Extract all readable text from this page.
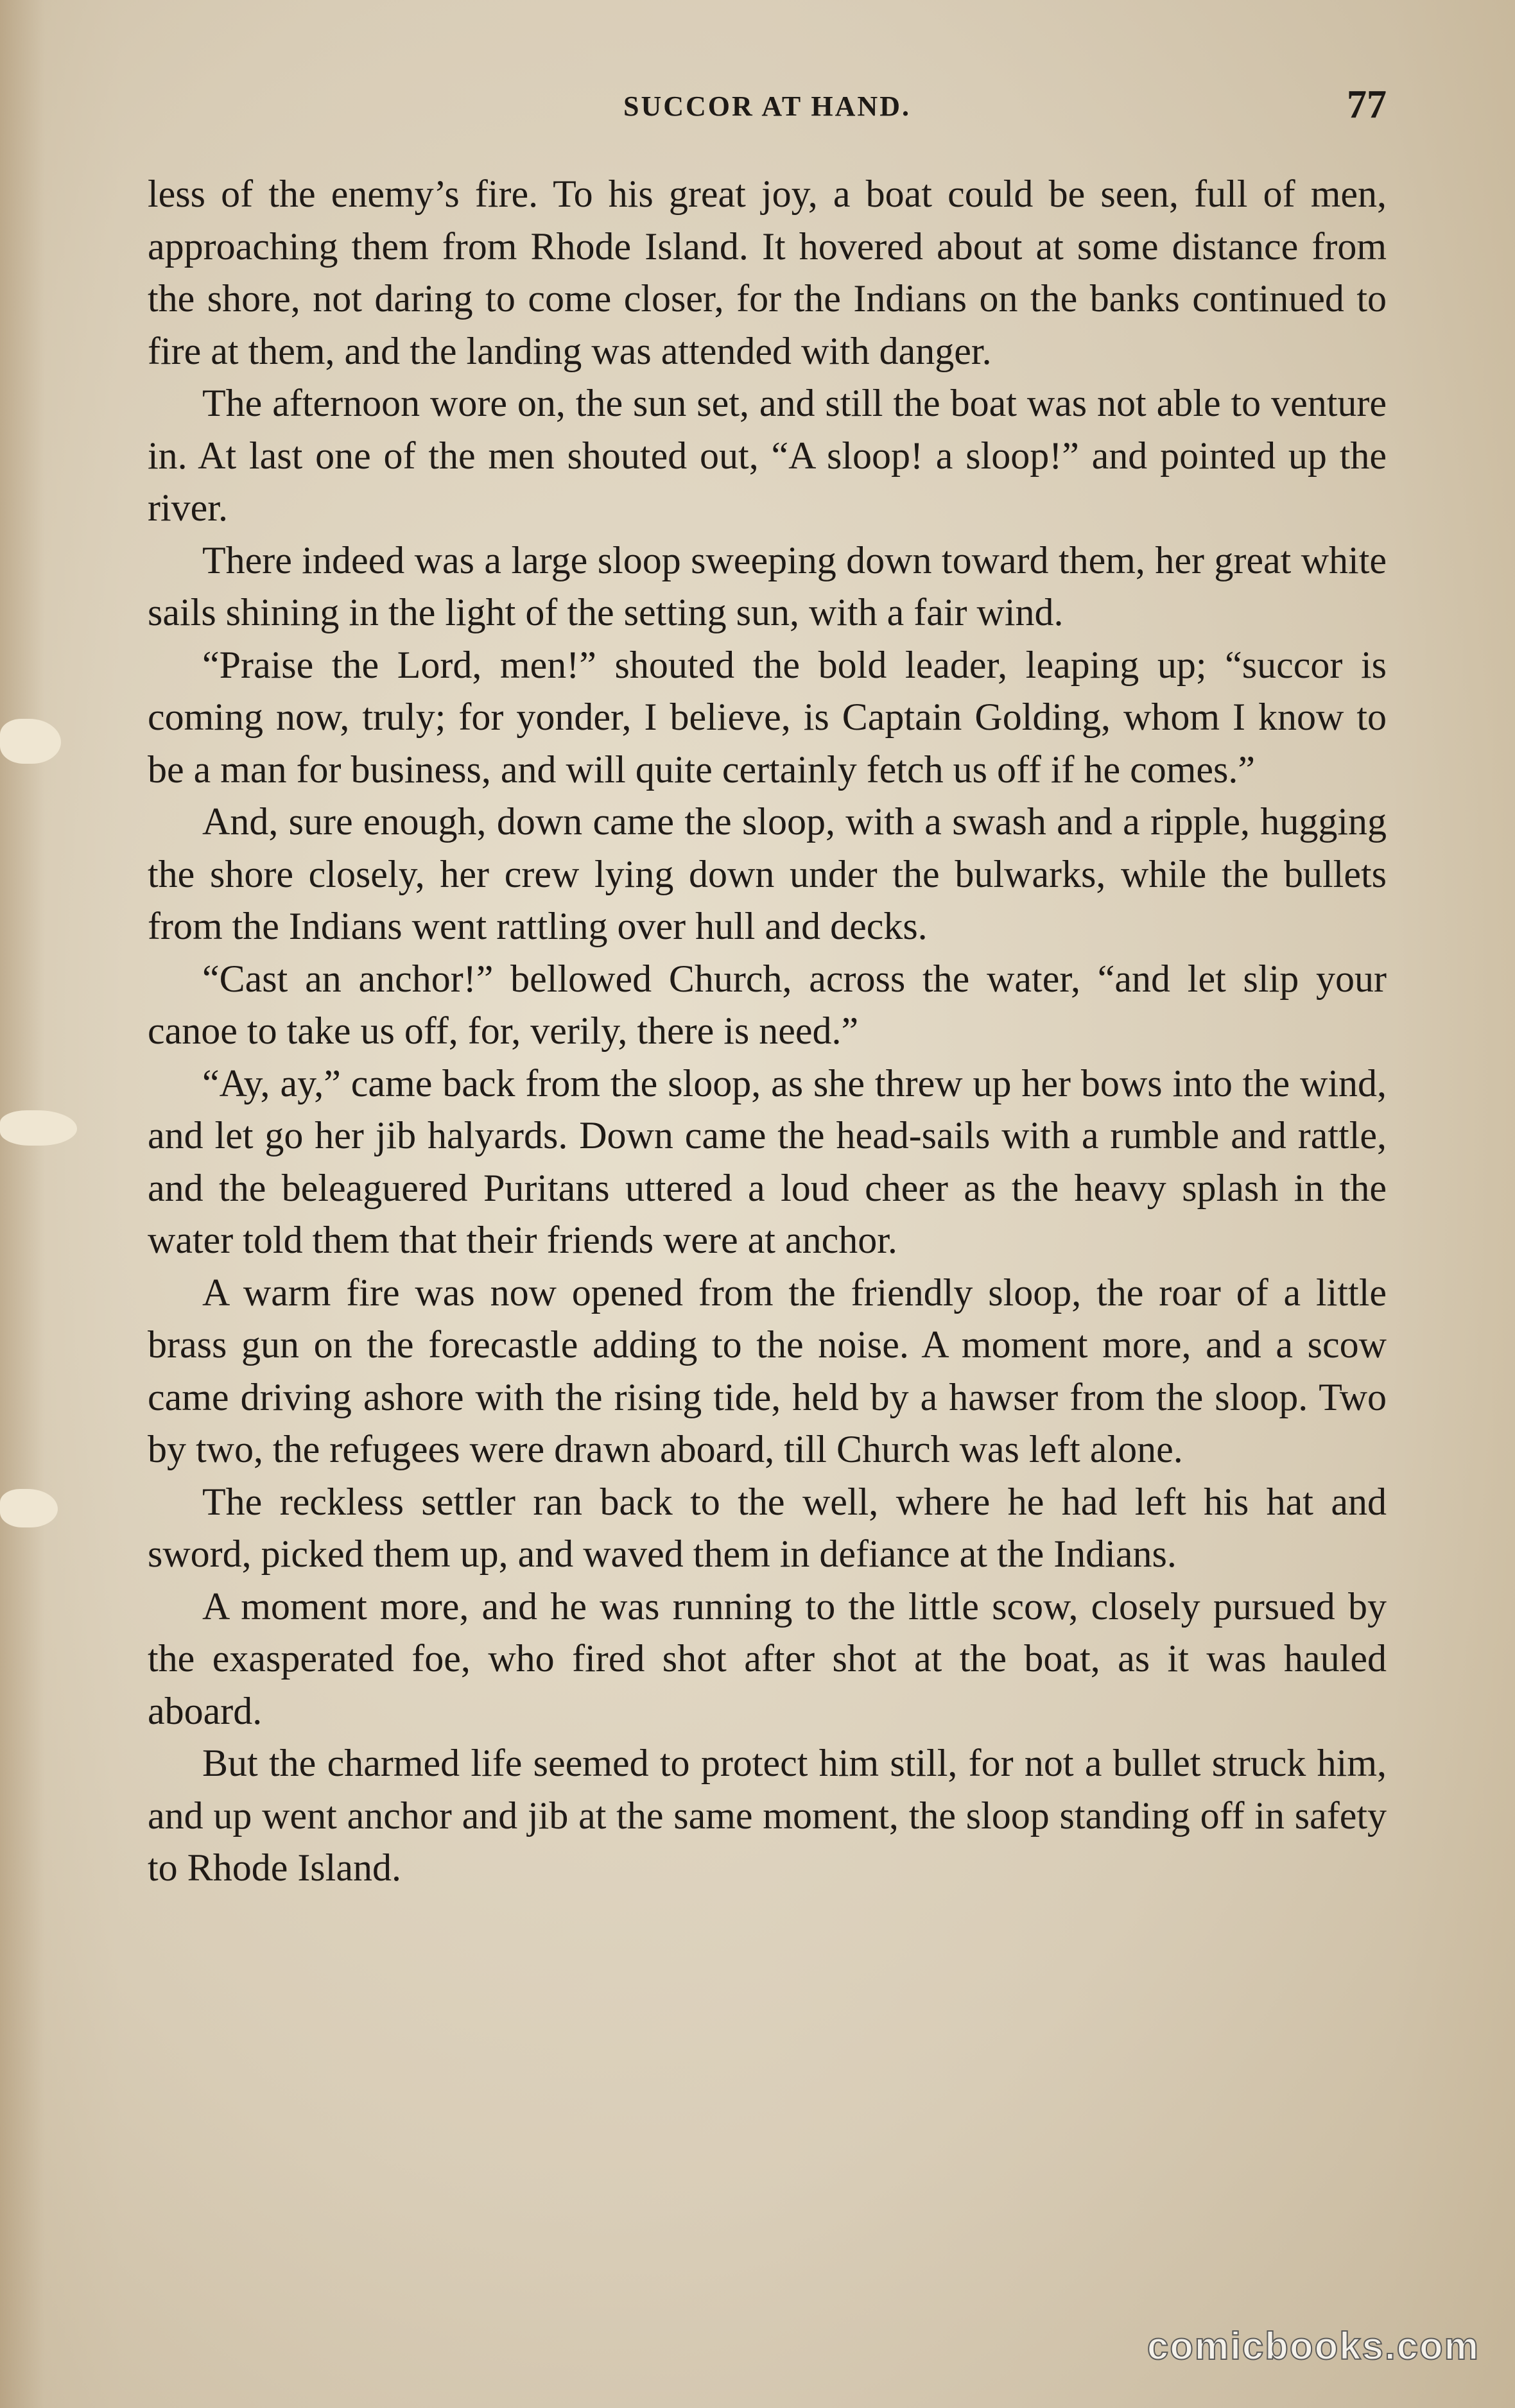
SUCCOR AT HAND.	77

less of the enemy’s fire. To his great joy, a boat could be seen, full of men, approaching them from Rhode Island. It hovered about at some distance from the shore, not daring to come closer, for the Indians on the banks continued to fire at them, and the landing was attended with danger.

The afternoon wore on, the sun set, and still the boat was not able to venture in. At last one of the men shouted out, “A sloop! a sloop!” and pointed up the river.

There indeed was a large sloop sweeping down toward them, her great white sails shining in the light of the setting sun, with a fair wind.

“Praise the Lord, men!” shouted the bold leader, leaping up; “succor is coming now, truly; for yonder, I believe, is Captain Golding, whom I know to be a man for business, and will quite certainly fetch us off if he comes.”

And, sure enough, down came the sloop, with a swash and a ripple, hugging the shore closely, her crew lying down under the bulwarks, while the bullets from the Indians went rattling over hull and decks.

“Cast an anchor!” bellowed Church, across the water, “and let slip your canoe to take us off, for, verily, there is need.”

“Ay, ay,” came back from the sloop, as she threw up her bows into the wind, and let go her jib halyards. Down came the head-sails with a rumble and rattle, and the beleaguered Puritans uttered a loud cheer as the heavy splash in the water told them that their friends were at anchor.

A warm fire was now opened from the friendly sloop, the roar of a little brass gun on the forecastle adding to the noise. A moment more, and a scow came driving ashore with the rising tide, held by a hawser from the sloop. Two by two, the refugees were drawn aboard, till Church was left alone.

The reckless settler ran back to the well, where he had left his hat and sword, picked them up, and waved them in defiance at the Indians.

A moment more, and he was running to the little scow, closely pursued by the exasperated foe, who fired shot after shot at the boat, as it was hauled aboard.

But the charmed life seemed to protect him still, for not a bullet struck him, and up went anchor and jib at the same moment, the sloop standing off in safety to Rhode Island.

comicbooks.com
